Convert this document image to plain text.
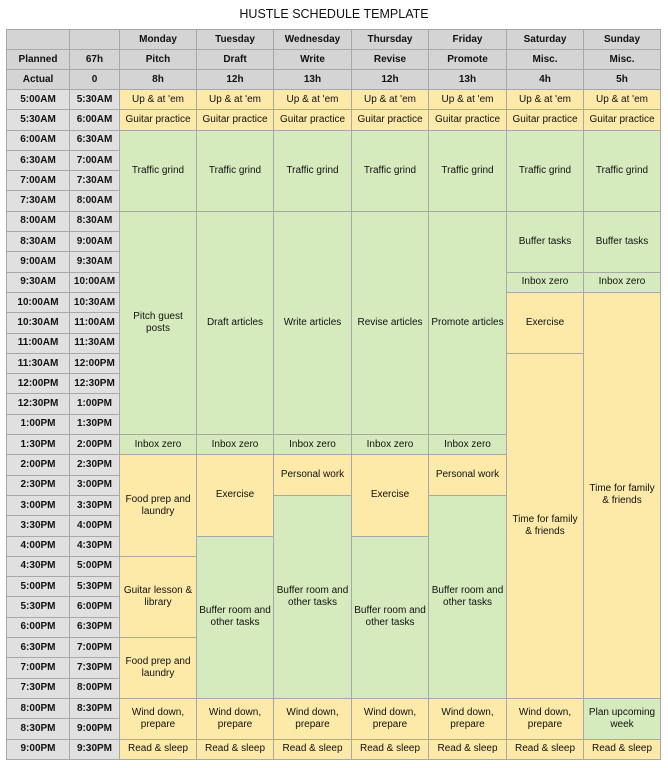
HUSTLE SCHEDULE TEMPLATE
		Monday	Tuesday	Wednesday	Thursday	Friday	Saturday	Sunday
Planned	67h	Pitch	Draft	Write	Revise	Promote	Misc.	Misc.
Actual	0	8h	12h	13h	12h	13h	4h	5h
5:00AM	5:30AM	Up & at 'em	Up & at 'em	Up & at 'em	Up & at 'em	Up & at 'em	Up & at 'em	Up & at 'em
5:30AM	6:00AM	Guitar practice	Guitar practice	Guitar practice	Guitar practice	Guitar practice	Guitar practice	Guitar practice
6:00AM	6:30AM	Traffic grind	Traffic grind	Traffic grind	Traffic grind	Traffic grind	Traffic grind	Traffic grind
6:30AM	7:00AM							
7:00AM	7:30AM							
7:30AM	8:00AM							
8:00AM	8:30AM	Pitch guest posts	Draft articles	Write articles	Revise articles	Promote articles	Buffer tasks	Buffer tasks
8:30AM	9:00AM							
9:00AM	9:30AM							
9:30AM	10:00AM						Inbox zero	Inbox zero
10:00AM	10:30AM						Exercise	Time for family & friends
10:30AM	11:00AM							
11:00AM	11:30AM							
11:30AM	12:00PM						Time for family & friends	
12:00PM	12:30PM							
12:30PM	1:00PM							
1:00PM	1:30PM							
1:30PM	2:00PM	Inbox zero	Inbox zero	Inbox zero	Inbox zero	Inbox zero		
2:00PM	2:30PM	Food prep and laundry	Exercise	Personal work	Exercise	Personal work		
2:30PM	3:00PM							
3:00PM	3:30PM			Buffer room and other tasks		Buffer room and other tasks		
3:30PM	4:00PM							
4:00PM	4:30PM		Buffer room and other tasks		Buffer room and other tasks			
4:30PM	5:00PM	Guitar lesson & library						
5:00PM	5:30PM							
5:30PM	6:00PM							
6:00PM	6:30PM							
6:30PM	7:00PM	Food prep and laundry						
7:00PM	7:30PM							
7:30PM	8:00PM							
8:00PM	8:30PM	Wind down, prepare	Wind down, prepare	Wind down, prepare	Wind down, prepare	Wind down, prepare	Wind down, prepare	Plan upcoming week
8:30PM	9:00PM							
9:00PM	9:30PM	Read & sleep	Read & sleep	Read & sleep	Read & sleep	Read & sleep	Read & sleep	Read & sleep
